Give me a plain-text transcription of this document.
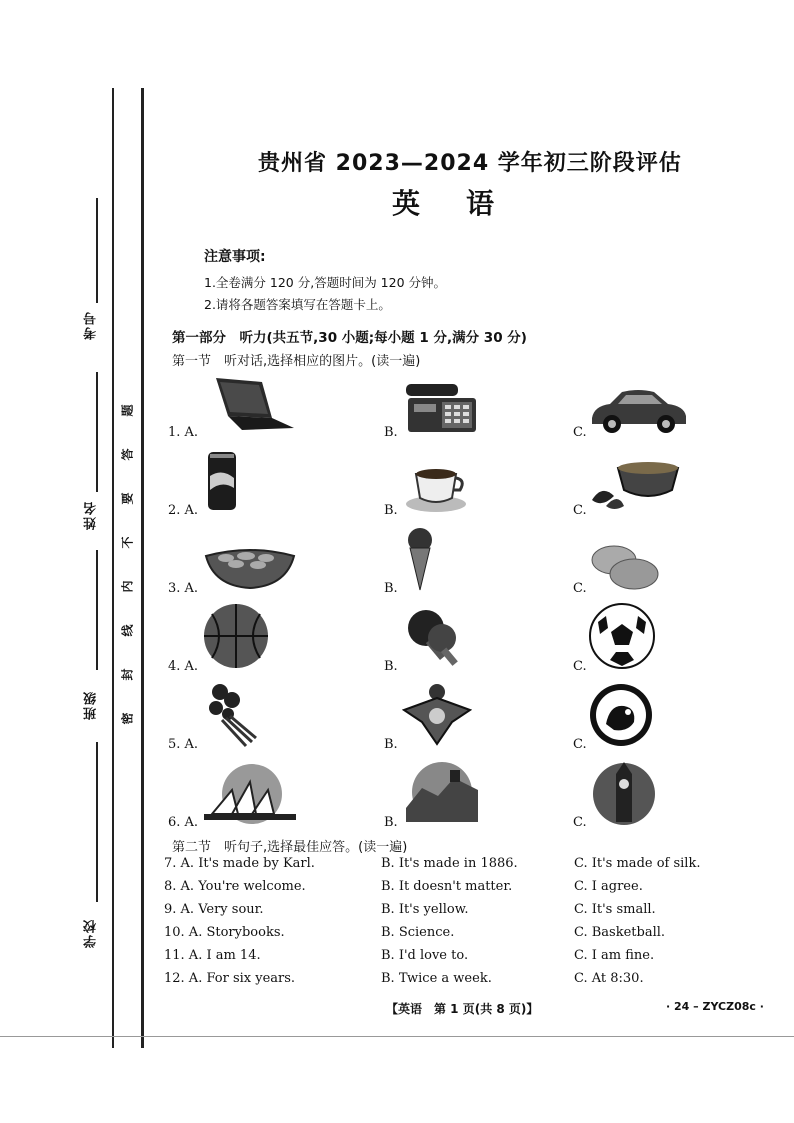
考号
姓名
班级
学校
题
答
要
不
内
线
封
密
贵州省 2023—2024 学年初三阶段评估
英语
注意事项:
1.全卷满分 120 分,答题时间为 120 分钟。
2.请将各题答案填写在答题卡上。
第一部分　听力(共五节,30 小题;每小题 1 分,满分 30 分)
第一节　听对话,选择相应的图片。(读一遍)
1. A.	B.	C.
2. A.	B.	C.
3. A.	B.	C.
4. A.	B.	C.
5. A.	B.	C.
6. A.	B.	C.
第二节　听句子,选择最佳应答。(读一遍)
7. A. It's made by Karl.	B. It's made in 1886.	C. It's made of silk.
8. A. You're welcome.	B. It doesn't matter.	C. I agree.
9. A. Very sour.	B. It's yellow.	C. It's small.
10. A. Storybooks.	B. Science.	C. Basketball.
11. A. I am 14.	B. I'd love to.	C. I am fine.
12. A. For six years.	B. Twice a week.	C. At 8:30.
【英语　第 1 页(共 8 页)】	· 24 – ZYCZ08c ·
